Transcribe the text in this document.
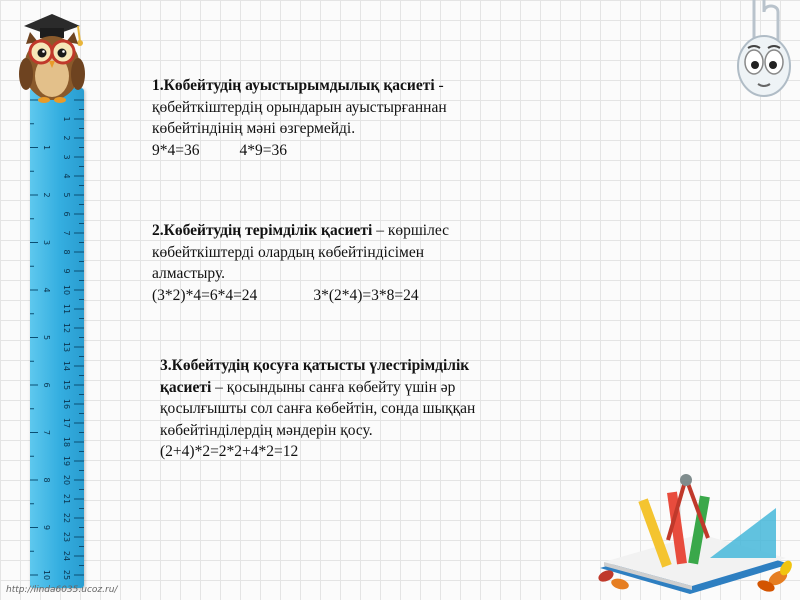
1
2
3
4
5
6
7
8
9
10
11
12
13
14
15
16
17
18
19
20
21
22
23
24
25
1
2
3
4
5
6
7
8
9
10
1.Көбейтудің ауыстырымдылық қасиеті -
қөбейткіштердің орындарын ауыстырғаннан
көбейтіндінің мәні өзгермейді.
9*4=36	4*9=36
2.Көбейтудің терімділік қасиеті – көршілес
көбейткіштерді олардың көбейтіндісімен
алмастыру.
(3*2)*4=6*4=24	3*(2*4)=3*8=24
3.Көбейтудің қосуға қатысты үлестірімділік
қасиеті – қосындыны санға көбейту үшін әр
қосылғышты сол санға көбейтін, сонда шыққан
көбейтінділердің мәндерін қосу.
(2+4)*2=2*2+4*2=12
http://linda6035.ucoz.ru/
